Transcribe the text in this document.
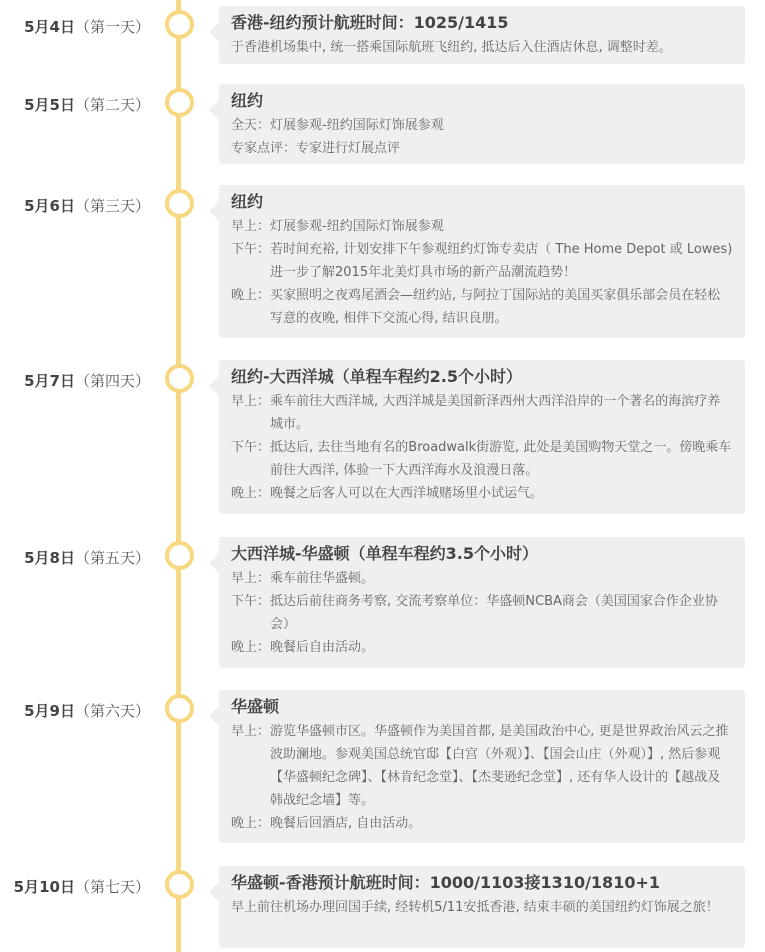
5月4日（第一天）	香港-纽约预计航班时间：1025/1415
于香港机场集中, 统一搭乘国际航班飞纽约, 抵达后入住酒店休息, 调整时差。
5月5日（第二天）	纽约
全天： 灯展参观-纽约国际灯饰展参观
专家点评： 专家进行灯展点评
5月6日（第三天）	纽约
早上： 灯展参观-纽约国际灯饰展参观
下午： 若时间充裕, 计划安排下午参观纽约灯饰专卖店（ The Home Depot 或 Lowes)进一步了解2015年北美灯具市场的新产品潮流趋势！
晚上： 买家照明之夜鸡尾酒会—纽约站, 与阿拉丁国际站的美国买家俱乐部会员在轻松写意的夜晚, 相伴下交流心得, 结识良朋。
5月7日（第四天）	纽约-大西洋城（单程车程约2.5个小时）
早上： 乘车前往大西洋城, 大西洋城是美国新泽西州大西洋沿岸的一个著名的海滨疗养城市。
下午： 抵达后, 去往当地有名的Broadwalk街游览, 此处是美国购物天堂之一。傍晚乘车前往大西洋, 体验一下大西洋海水及浪漫日落。
晚上： 晚餐之后客人可以在大西洋城赌场里小试运气。
5月8日（第五天）	大西洋城-华盛顿（单程车程约3.5个小时）
早上： 乘车前往华盛顿。
下午： 抵达后前往商务考察, 交流考察单位：华盛顿NCBA商会（美国国家合作企业协会）
晚上： 晚餐后自由活动。
5月9日（第六天）	华盛顿
早上： 游览华盛顿市区。华盛顿作为美国首都, 是美国政治中心, 更是世界政治风云之推波助澜地。参观美国总统官邸【白宫（外观）】、【国会山庄（外观）】, 然后参观【华盛顿纪念碑】、【林肯纪念堂】、【杰斐逊纪念堂】, 还有华人设计的【越战及韩战纪念墙】等。
晚上： 晚餐后回酒店, 自由活动。
5月10日（第七天）	华盛顿-香港预计航班时间：1000/1103接1310/1810+1
早上前往机场办理回国手续, 经转机5/11安抵香港, 结束丰硕的美国纽约灯饰展之旅！
